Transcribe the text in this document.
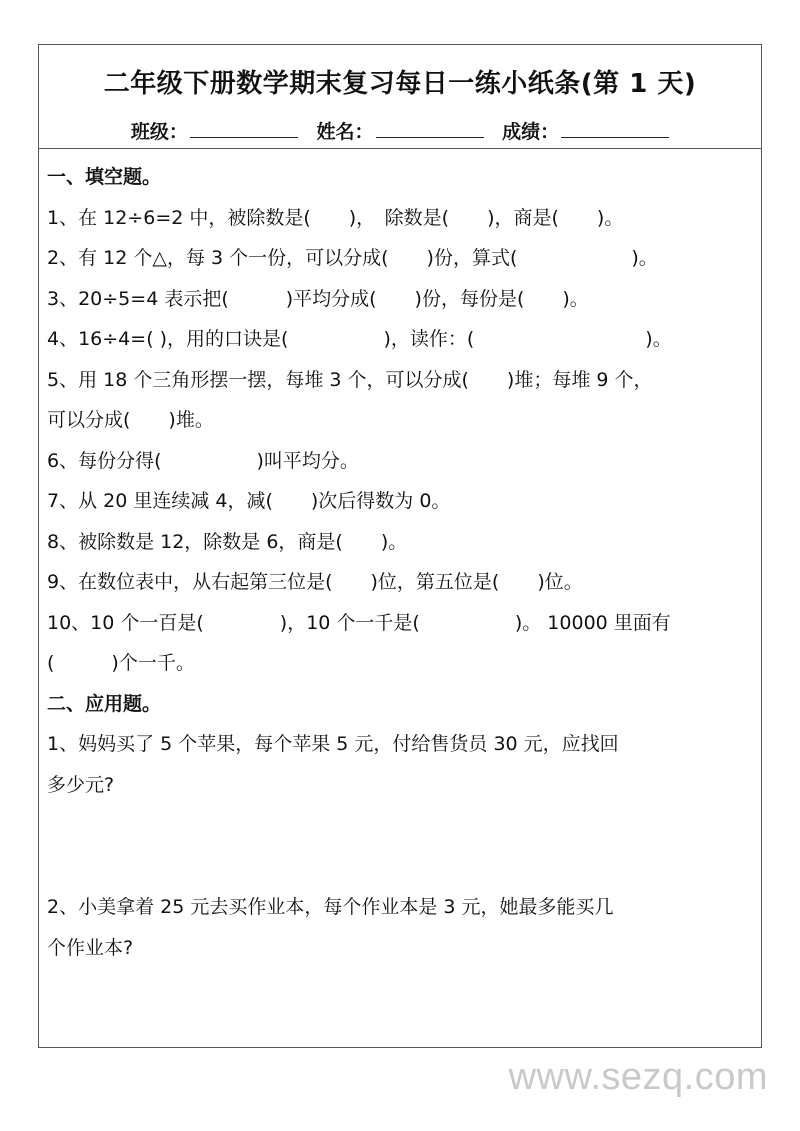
二年级下册数学期末复习每日一练小纸条(第 1 天)
班级：	姓名：	成绩：
一、填空题。
1、在 12÷6=2 中，被除数是(　　)，　除数是(　　)，商是(　　)。
2、有 12 个△，每 3 个一份，可以分成(　　)份，算式(　　　　　　)。
3、20÷5=4 表示把(　　　)平均分成(　　)份，每份是(　　)。
4、16÷4=( )，用的口诀是(　　　　　)，读作：(　　　　　　　　　)。
5、用 18 个三角形摆一摆，每堆 3 个，可以分成(　　)堆；每堆 9 个，
可以分成(　　)堆。
6、每份分得(　　　　　)叫平均分。
7、从 20 里连续减 4，减(　　)次后得数为 0。
8、被除数是 12，除数是 6，商是(　　)。
9、在数位表中，从右起第三位是(　　)位，第五位是(　　)位。
10、10 个一百是(　　　　)，10 个一千是(　　　　　)。 10000 里面有
(　　　)个一千。
二、应用题。
1、妈妈买了 5 个苹果，每个苹果 5 元，付给售货员 30 元，应找回
多少元?
2、小美拿着 25 元去买作业本，每个作业本是 3 元，她最多能买几
个作业本?
www.sezq.com
